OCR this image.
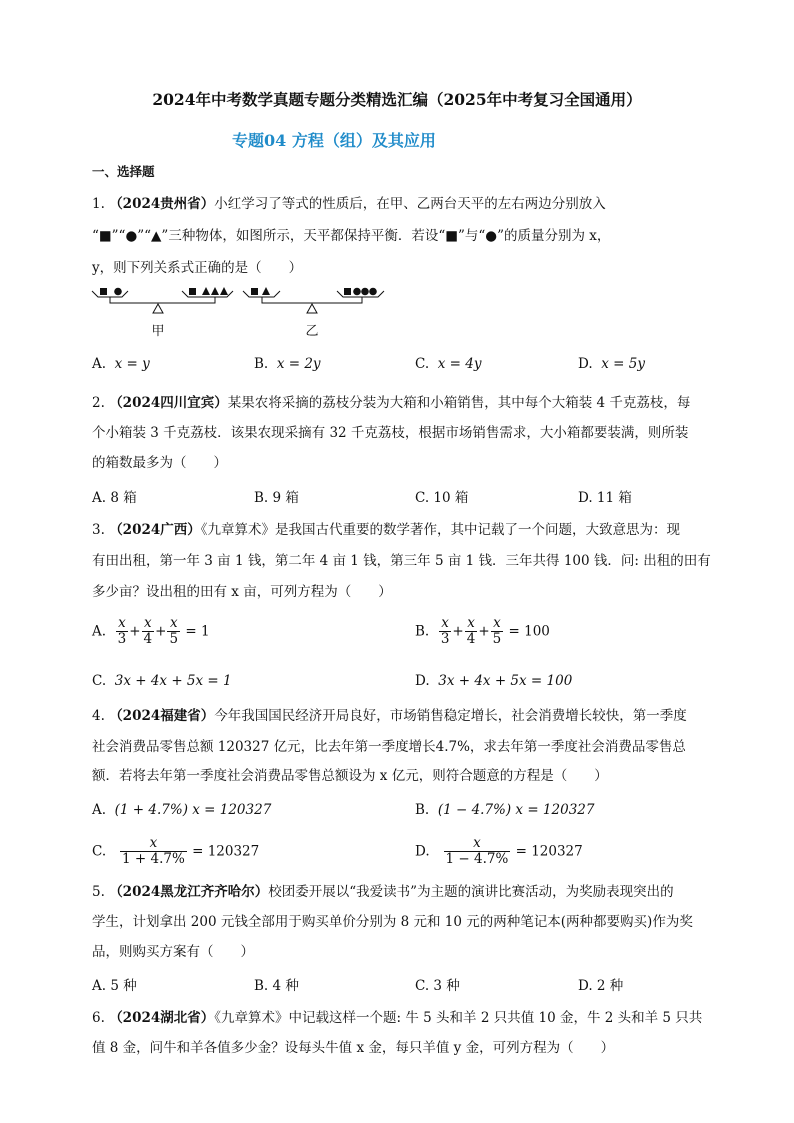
2024年中考数学真题专题分类精选汇编（2025年中考复习全国通用）
专题04 方程（组）及其应用
一、选择题
1. （2024贵州省）小红学习了等式的性质后，在甲、乙两台天平的左右两边分别放入
“■”“●”“▲”三种物体，如图所示，天平都保持平衡．若设“■”与“●”的质量分别为 x，
y，则下列关系式正确的是（　　）
甲	乙
A. x = y	B. x = 2y	C. x = 4y	D. x = 5y
2. （2024四川宜宾）某果农将采摘的荔枝分装为大箱和小箱销售，其中每个大箱装 4 千克荔枝，每
个小箱装 3 千克荔枝．该果农现采摘有 32 千克荔枝，根据市场销售需求，大小箱都要装满，则所装
的箱数最多为（　　）
A. 8 箱	B. 9 箱	C. 10 箱	D. 11 箱
3. （2024广西）《九章算术》是我国古代重要的数学著作，其中记载了一个问题，大致意思为：现
有田出租，第一年 3 亩 1 钱，第二年 4 亩 1 钱，第三年 5 亩 1 钱．三年共得 100 钱．问: 出租的田有
多少亩？设出租的田有 x 亩，可列方程为（　　）
A. $\frac{x}{3} + \frac{x}{4} + \frac{x}{5} = 1$	B. $\frac{x}{3} + \frac{x}{4} + \frac{x}{5} = 100$
C. 3x + 4x + 5x = 1	D. 3x + 4x + 5x = 100
4. （2024福建省）今年我国国民经济开局良好，市场销售稳定增长，社会消费增长较快，第一季度
社会消费品零售总额 120327 亿元，比去年第一季度增长4.7%，求去年第一季度社会消费品零售总
额．若将去年第一季度社会消费品零售总额设为 x 亿元，则符合题意的方程是（　　）
A. (1 + 4.7%) x = 120327	B. (1 − 4.7%) x = 120327
C. $\frac{x}{1 + 4.7\%} = 120327$	D. $\frac{x}{1 - 4.7\%} = 120327$
5. （2024黑龙江齐齐哈尔）校团委开展以“我爱读书”为主题的演讲比赛活动，为奖励表现突出的
学生，计划拿出 200 元钱全部用于购买单价分别为 8 元和 10 元的两种笔记本(两种都要购买)作为奖
品，则购买方案有（　　）
A. 5 种	B. 4 种	C. 3 种	D. 2 种
6. （2024湖北省）《九章算术》中记载这样一个题: 牛 5 头和羊 2 只共值 10 金，牛 2 头和羊 5 只共
值 8 金，问牛和羊各值多少金？设每头牛值 x 金，每只羊值 y 金，可列方程为（　　）
